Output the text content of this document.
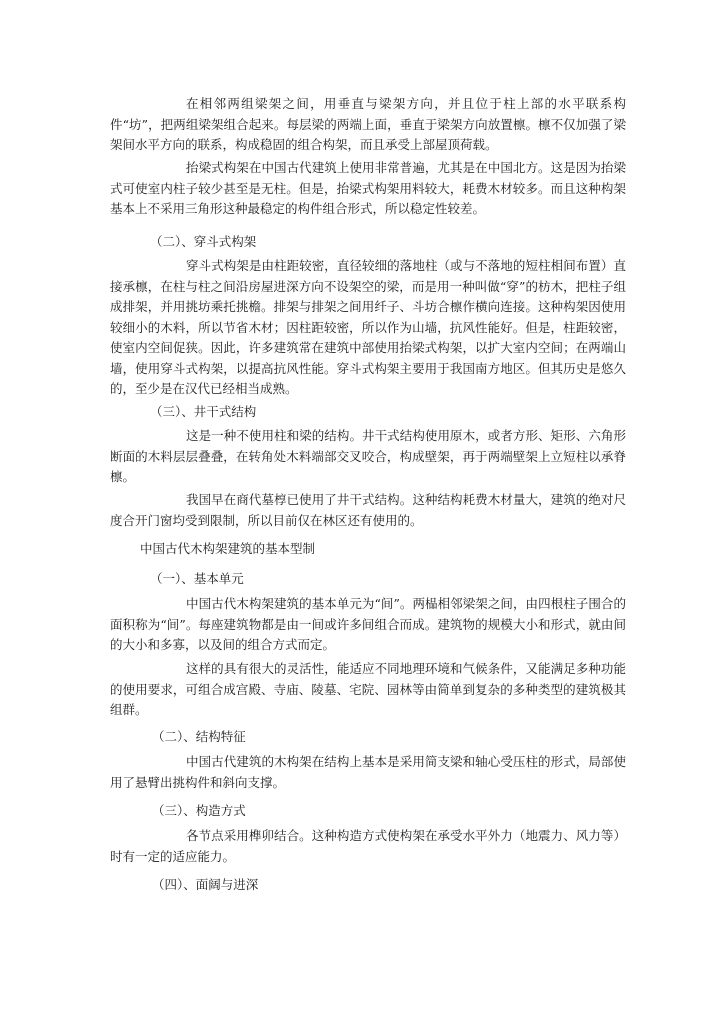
在相邻两组梁架之间，用垂直与梁架方向，并且位于柱上部的水平联系构件“坊”，把两组梁架组合起来。每层梁的两端上面，垂直于梁架方向放置檩。檩不仅加强了梁架间水平方向的联系，构成稳固的组合构架，而且承受上部屋顶荷载。

抬梁式构架在中国古代建筑上使用非常普遍，尤其是在中国北方。这是因为抬梁式可使室内柱子较少甚至是无柱。但是，抬梁式构架用料较大，耗费木材较多。而且这种构架基本上不采用三角形这种最稳定的构件组合形式，所以稳定性较差。

（二）、穿斗式构架

穿斗式构架是由柱距较密，直径较细的落地柱（或与不落地的短柱相间布置）直接承檩，在柱与柱之间沿房屋进深方向不设架空的梁，而是用一种叫做“穿”的枋木，把柱子组成排架，并用挑坊乘托挑檐。排架与排架之间用纤子、斗坊合檩作横向连接。这种构架因使用较细小的木料，所以节省木材；因柱距较密，所以作为山墙，抗风性能好。但是，柱距较密，使室内空间促狭。因此，许多建筑常在建筑中部使用抬梁式构架，以扩大室内空间；在两端山墙，使用穿斗式构架，以提高抗风性能。穿斗式构架主要用于我国南方地区。但其历史是悠久的，至少是在汉代已经相当成熟。

（三）、井干式结构

这是一种不使用柱和梁的结构。井干式结构使用原木，或者方形、矩形、六角形断面的木料层层叠叠，在转角处木料端部交叉咬合，构成壁架，再于两端壁架上立短柱以承脊檩。

我国早在商代墓椁已使用了井干式结构。这种结构耗费木材量大，建筑的绝对尺度合开门窗均受到限制，所以目前仅在林区还有使用的。

中国古代木构架建筑的基本型制

（一）、基本单元

中国古代木构架建筑的基本单元为“间”。两榀相邻梁架之间，由四根柱子围合的面积称为“间”。每座建筑物都是由一间或许多间组合而成。建筑物的规模大小和形式，就由间的大小和多寡，以及间的组合方式而定。

这样的具有很大的灵活性，能适应不同地理环境和气候条件，又能满足多种功能的使用要求，可组合成宫殿、寺庙、陵墓、宅院、园林等由简单到复杂的多种类型的建筑极其组群。

（二）、结构特征

中国古代建筑的木构架在结构上基本是采用简支梁和轴心受压柱的形式，局部使用了悬臂出挑构件和斜向支撑。

（三）、构造方式

各节点采用榫卯结合。这种构造方式使构架在承受水平外力（地震力、风力等）时有一定的适应能力。

（四）、面阔与进深
